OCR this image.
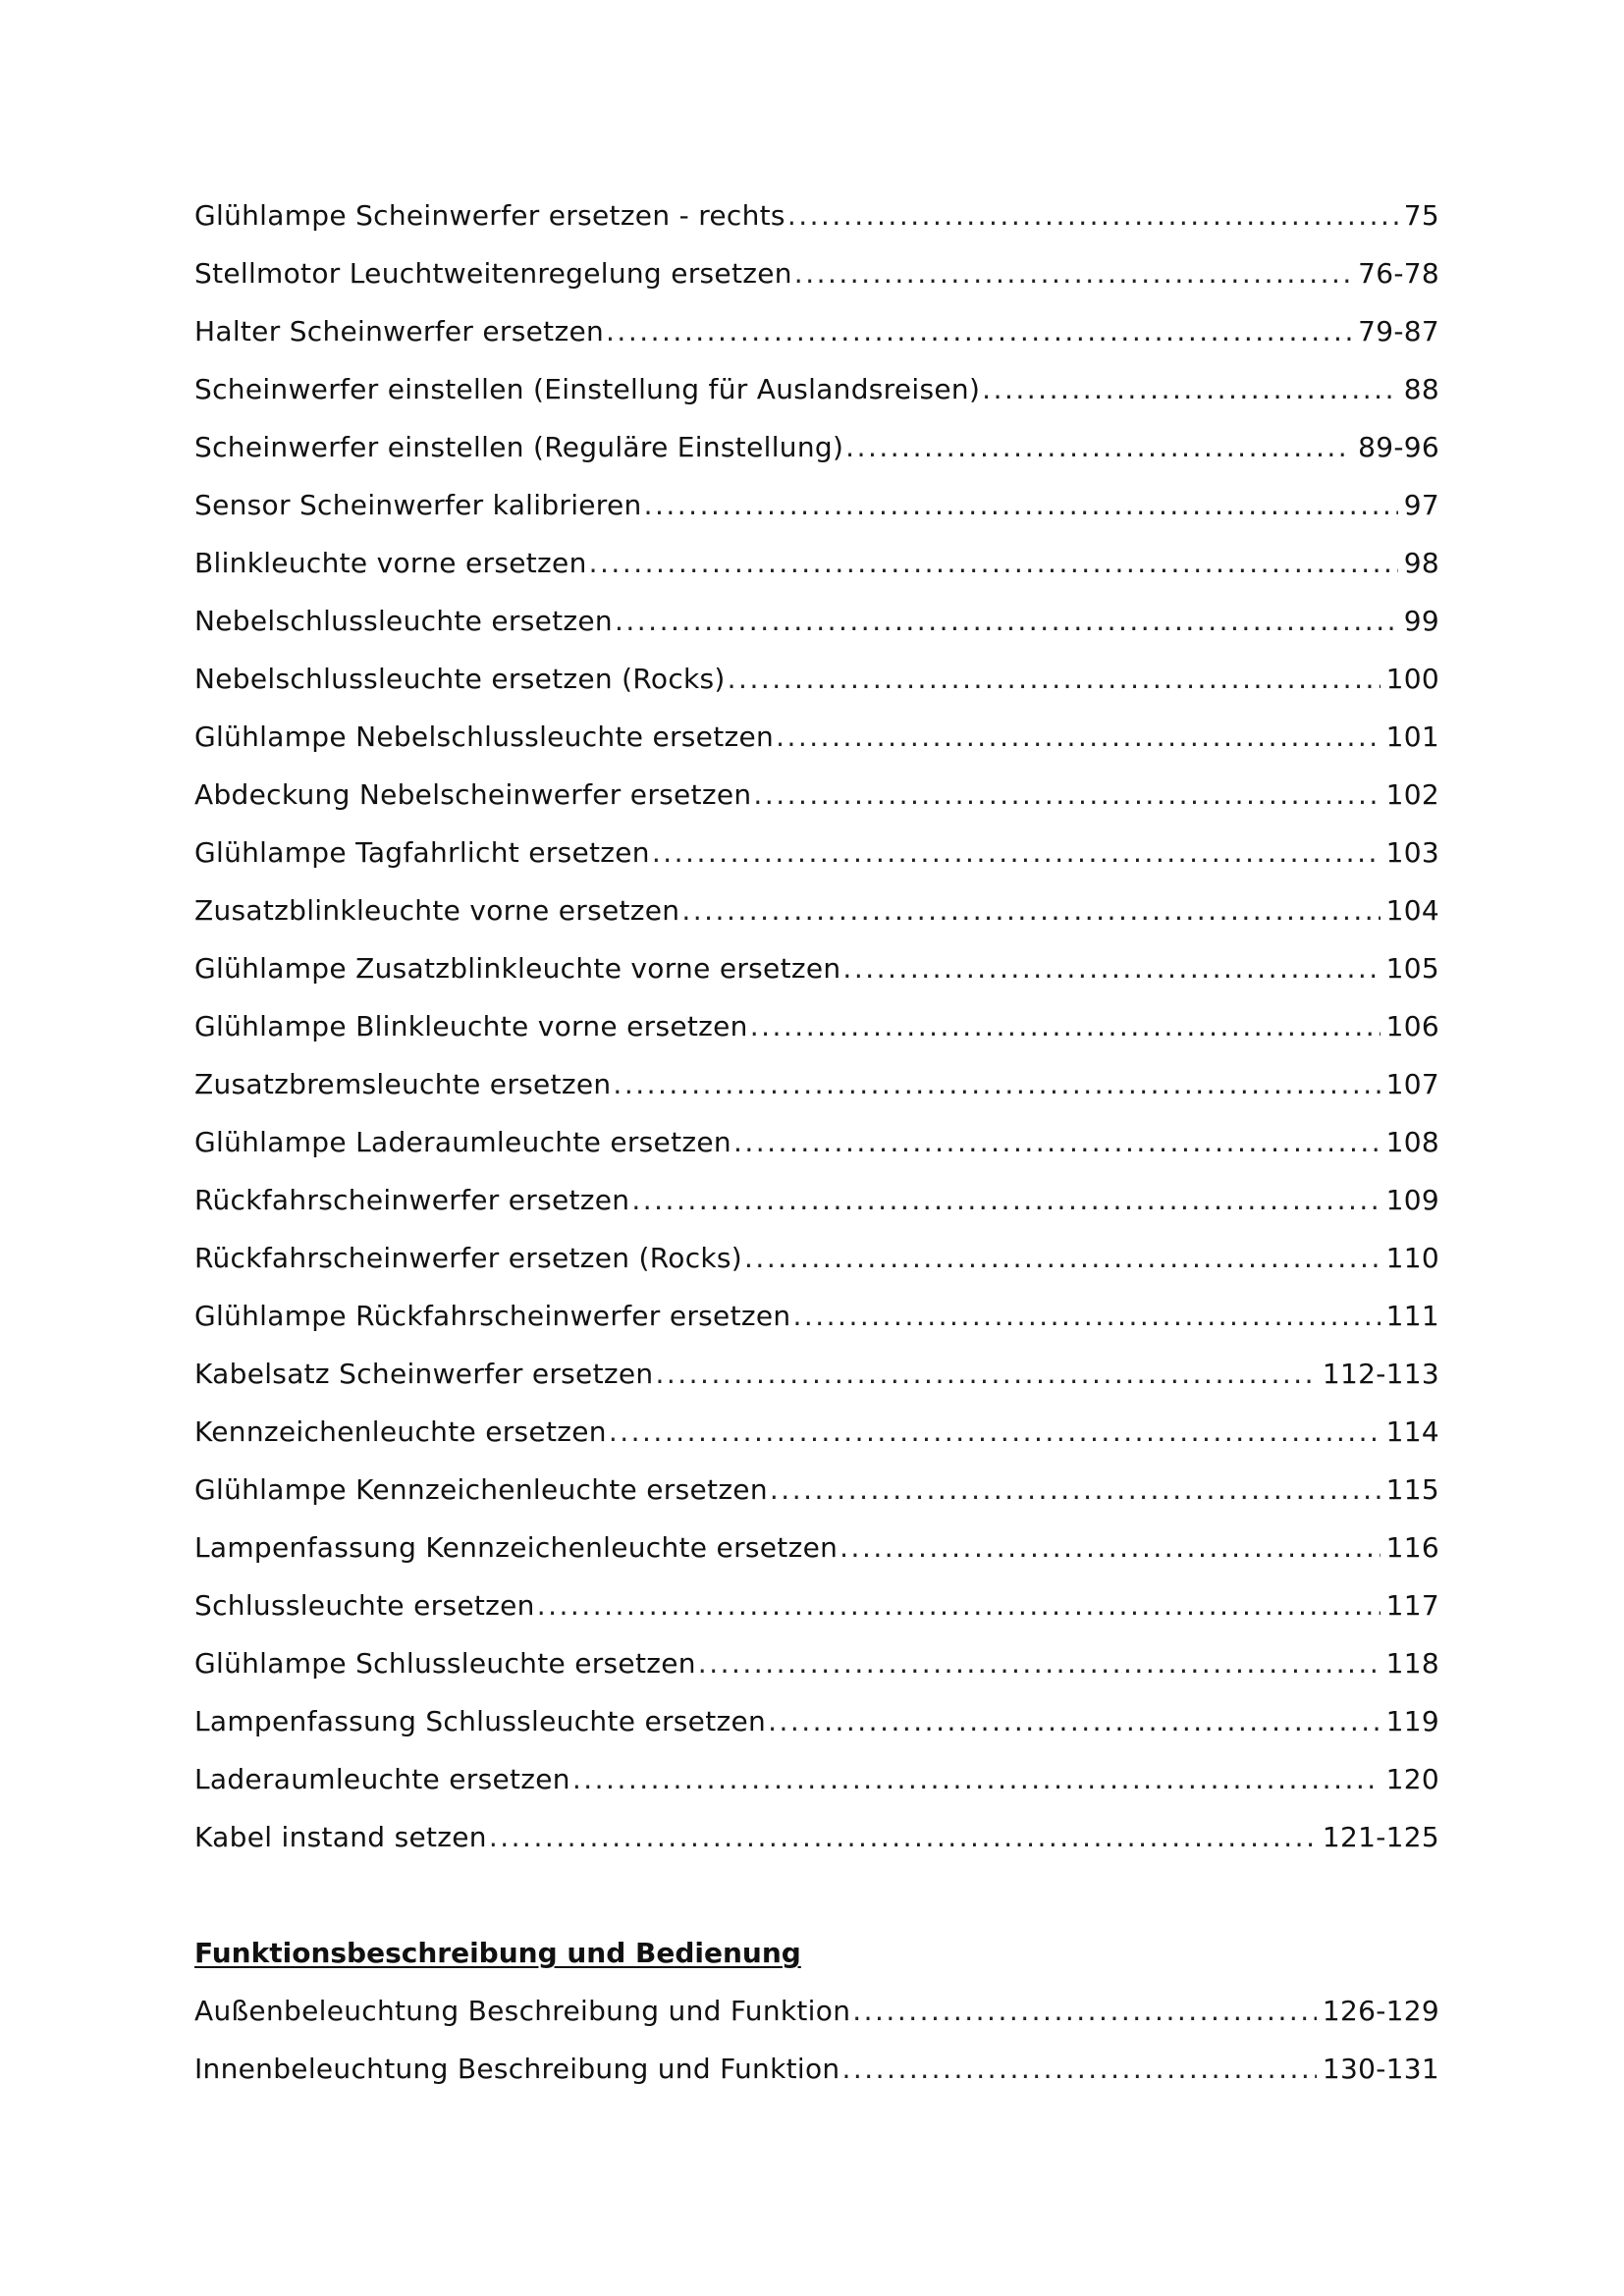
Glühlampe Scheinwerfer ersetzen - rechts .....	75
Stellmotor Leuchtweitenregelung ersetzen .....	76-78
Halter Scheinwerfer ersetzen .....	79-87
Scheinwerfer einstellen (Einstellung für Auslandsreisen) .....	88
Scheinwerfer einstellen (Reguläre Einstellung) .....	89-96
Sensor Scheinwerfer kalibrieren .....	97
Blinkleuchte vorne ersetzen .....	98
Nebelschlussleuchte ersetzen .....	99
Nebelschlussleuchte ersetzen (Rocks) .....	100
Glühlampe Nebelschlussleuchte ersetzen .....	101
Abdeckung Nebelscheinwerfer ersetzen .....	102
Glühlampe Tagfahrlicht ersetzen .....	103
Zusatzblinkleuchte vorne ersetzen .....	104
Glühlampe Zusatzblinkleuchte vorne ersetzen .....	105
Glühlampe Blinkleuchte vorne ersetzen .....	106
Zusatzbremsleuchte ersetzen .....	107
Glühlampe Laderaumleuchte ersetzen .....	108
Rückfahrscheinwerfer ersetzen .....	109
Rückfahrscheinwerfer ersetzen (Rocks) .....	110
Glühlampe Rückfahrscheinwerfer ersetzen .....	111
Kabelsatz Scheinwerfer ersetzen .....	112-113
Kennzeichenleuchte ersetzen .....	114
Glühlampe Kennzeichenleuchte ersetzen .....	115
Lampenfassung Kennzeichenleuchte ersetzen .....	116
Schlussleuchte ersetzen .....	117
Glühlampe Schlussleuchte ersetzen .....	118
Lampenfassung Schlussleuchte ersetzen .....	119
Laderaumleuchte ersetzen .....	120
Kabel instand setzen .....	121-125
Funktionsbeschreibung und Bedienung
Außenbeleuchtung Beschreibung und Funktion .....	126-129
Innenbeleuchtung Beschreibung und Funktion .....	130-131
